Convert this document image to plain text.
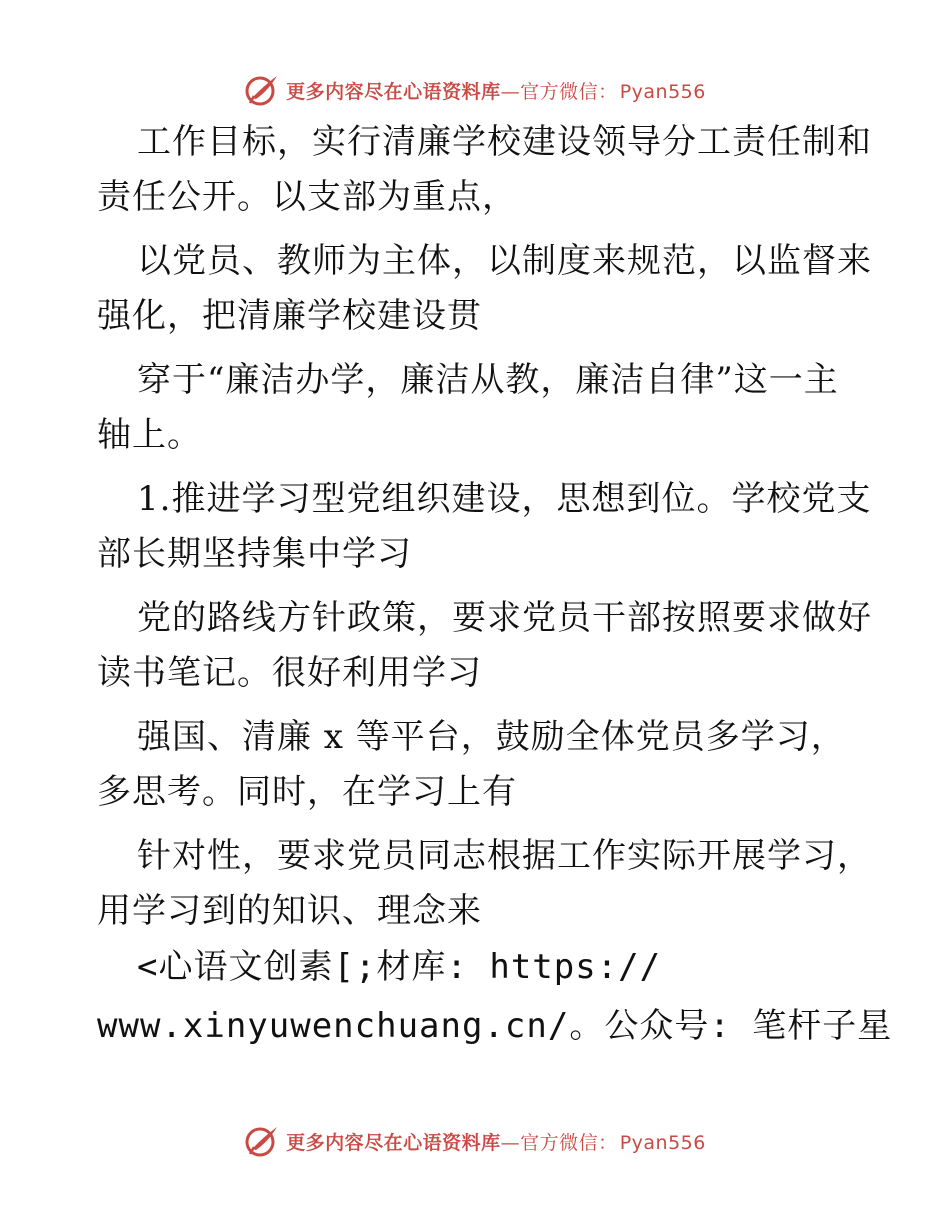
更多内容尽在心语资料库 — 官方微信： Pyan556
工作目标，实行清廉学校建设领导分工责任制和
责任公开。以支部为重点，
以党员、教师为主体，以制度来规范，以监督来
强化，把清廉学校建设贯
穿于“廉洁办学，廉洁从教，廉洁自律”这一主
轴上。
1.推进学习型党组织建设，思想到位。学校党支
部长期坚持集中学习
党的路线方针政策，要求党员干部按照要求做好
读书笔记。很好利用学习
强国、清廉 x 等平台，鼓励全体党员多学习，
多思考。同时，在学习上有
针对性，要求党员同志根据工作实际开展学习，
用学习到的知识、理念来
<心语文创素[;材库: https://
www.xinyuwenchuang.cn/。公众号: 笔杆子星
更多内容尽在心语资料库 — 官方微信： Pyan556
